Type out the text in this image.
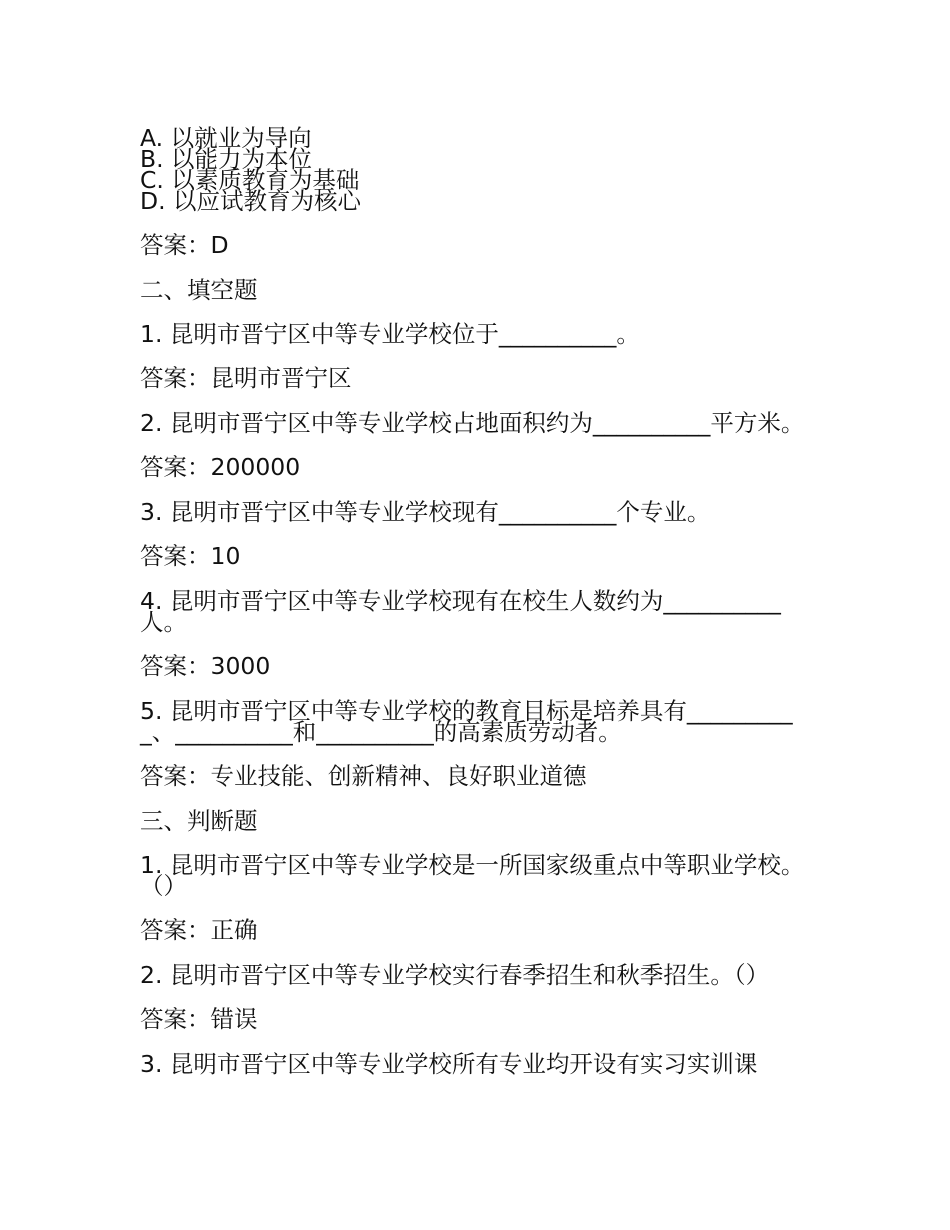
A. 以就业为导向

B. 以能力为本位

C. 以素质教育为基础

D. 以应试教育为核心

答案：D

二、填空题

1. 昆明市晋宁区中等专业学校位于__________。

答案：昆明市晋宁区

2. 昆明市晋宁区中等专业学校占地面积约为__________平方米。

答案：200000

3. 昆明市晋宁区中等专业学校现有__________个专业。

答案：10

4. 昆明市晋宁区中等专业学校现有在校生人数约为__________人。

答案：3000

5. 昆明市晋宁区中等专业学校的教育目标是培养具有__________、__________和__________的高素质劳动者。

答案：专业技能、创新精神、良好职业道德

三、判断题

1. 昆明市晋宁区中等专业学校是一所国家级重点中等职业学校。（）

答案：正确

2. 昆明市晋宁区中等专业学校实行春季招生和秋季招生。（）

答案：错误

3. 昆明市晋宁区中等专业学校所有专业均开设有实习实训课
